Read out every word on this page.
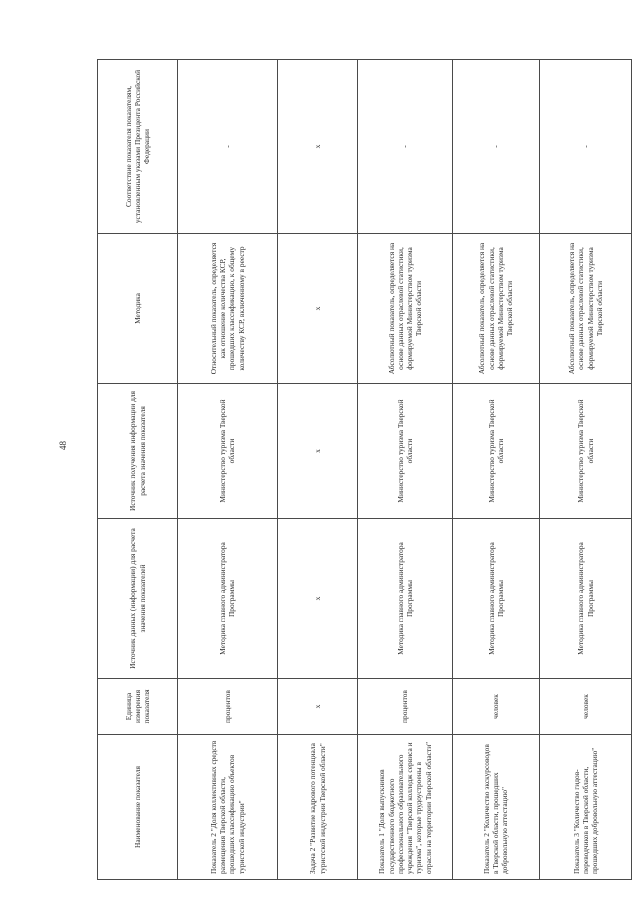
48
Наименование показателя	Единица измерения показателя	Источник данных (информации) для расчета значения показателей	Источник получения информации для расчета значения показателя	Методика	Соответствие показателя показателям, установленным указами Президента Российской Федерации
Показатель 2 "Доля коллективных средств размещения Тверской области, прошедших классификацию объектов туристской индустрии"	процентов	Методика главного администратора Программы	Министерство туризма Тверской области	Относительный показатель, определяется как отношение количества КСР, прошедших классификацию, к общему количеству КСР, включенному в реестр	-
Задача 2 "Развитие кадрового потенциала туристской индустрии Тверской области"	х	х	х	х	х
Показатель 1 "Доля выпускников государственного бюджетного профессионального образовательного учреждения "Тверской колледж сервиса и туризма", которые трудоустроены в отрасли на территории Тверской области"	процентов	Методика главного администратора Программы	Министерство туризма Тверской области	Абсолютный показатель, определяется на основе данных отраслевой статистики, формируемой Министерством туризма Тверской области	-
Показатель 2 "Количество экскурсоводов в Тверской области, прошедших добровольную аттестацию"	человек	Методика главного администратора Программы	Министерство туризма Тверской области	Абсолютный показатель, определяется на основе данных отраслевой статистики, формируемой Министерством туризма Тверской области	-
Показатель 3 "Количество гидов-переводчиков в Тверской области, прошедших добровольную аттестацию"	человек	Методика главного администратора Программы	Министерство туризма Тверской области	Абсолютный показатель, определяется на основе данных отраслевой статистики, формируемой Министерством туризма Тверской области	-
